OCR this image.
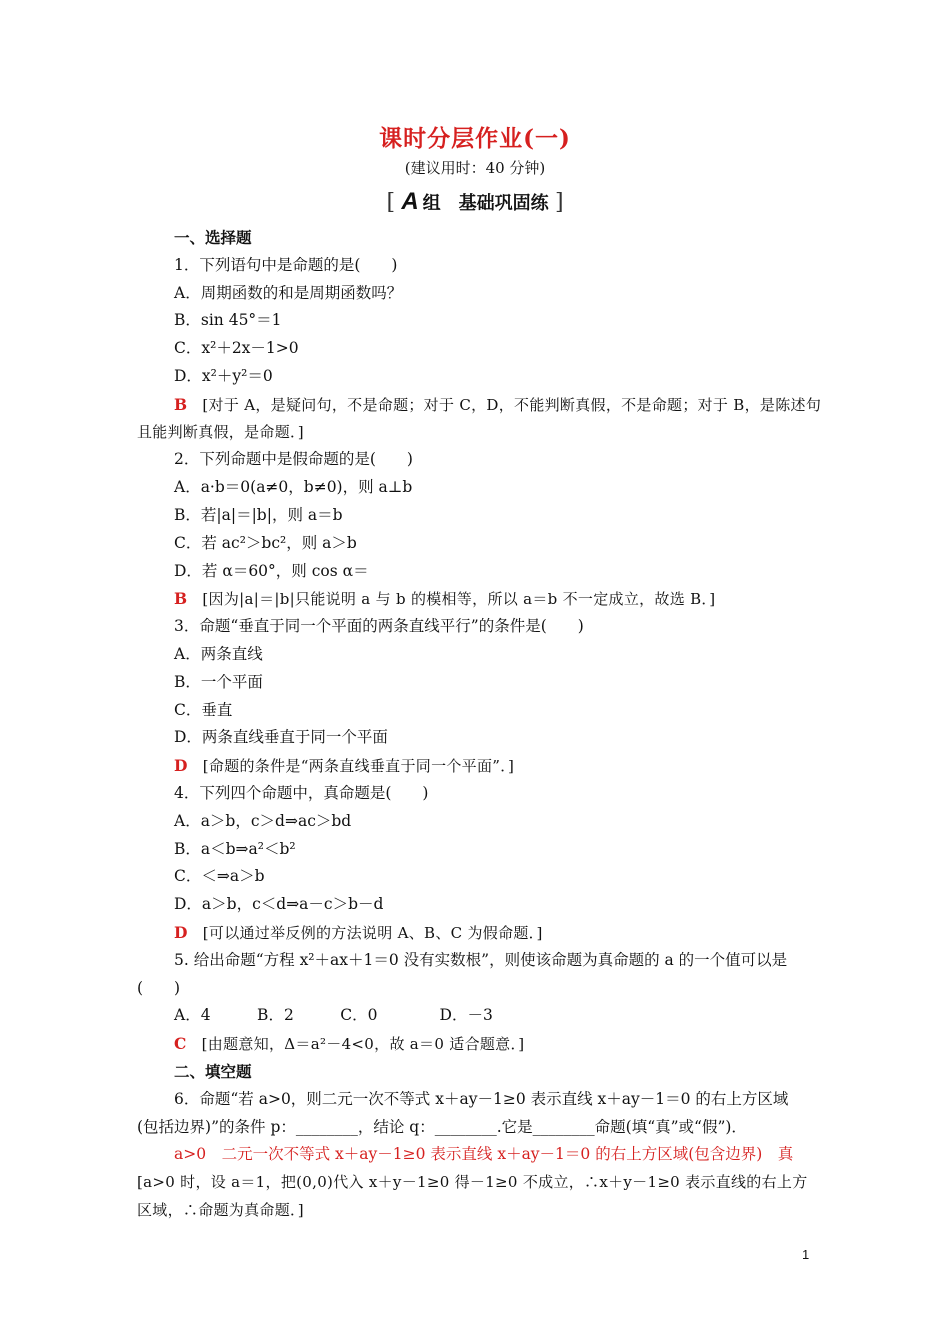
课时分层作业(一)
(建议用时：40 分钟)
[ A 组　基础巩固练 ]
一、选择题
1．下列语句中是命题的是(　　)
A．周期函数的和是周期函数吗？
B．sin 45°＝1
C．x²＋2x－1>0
D．x²＋y²＝0
B　[对于 A，是疑问句，不是命题；对于 C，D，不能判断真假，不是命题；对于 B，是陈述句
且能判断真假，是命题．]
2．下列命题中是假命题的是(　　)
A．a·b＝0(a≠0，b≠0)，则 a⊥b
B．若|a|＝|b|，则 a＝b
C．若 ac²＞bc²，则 a＞b
D．若 α＝60°，则 cos α＝
B　[因为|a|＝|b|只能说明 a 与 b 的模相等，所以 a＝b 不一定成立，故选 B．]
3．命题“垂直于同一个平面的两条直线平行”的条件是(　　)
A．两条直线
B．一个平面
C．垂直
D．两条直线垂直于同一个平面
D　[命题的条件是“两条直线垂直于同一个平面”．]
4．下列四个命题中，真命题是(　　)
A．a＞b，c＞d⇒ac＞bd
B．a＜b⇒a²＜b²
C．＜⇒a＞b
D．a＞b，c＜d⇒a－c＞b－d
D　[可以通过举反例的方法说明 A、B、C 为假命题．]
5. 给出命题“方程 x²＋ax＋1＝0 没有实数根”，则使该命题为真命题的 a 的一个值可以是
(　　)
A．4　　　B．2　　　C．0　　　　D．－3
C　[由题意知，Δ＝a²－4<0，故 a＝0 适合题意．]
二、填空题
6．命题“若 a>0，则二元一次不等式 x＋ay－1≥0 表示直线 x＋ay－1＝0 的右上方区域
(包括边界)”的条件 p：________，结论 q：________.它是________命题(填“真”或“假”)．
a>0　二元一次不等式 x＋ay－1≥0 表示直线 x＋ay－1＝0 的右上方区域(包含边界)　真
[a>0 时，设 a＝1，把(0,0)代入 x＋y－1≥0 得－1≥0 不成立，∴x＋y－1≥0 表示直线的右上方
区域，∴命题为真命题．]
1
